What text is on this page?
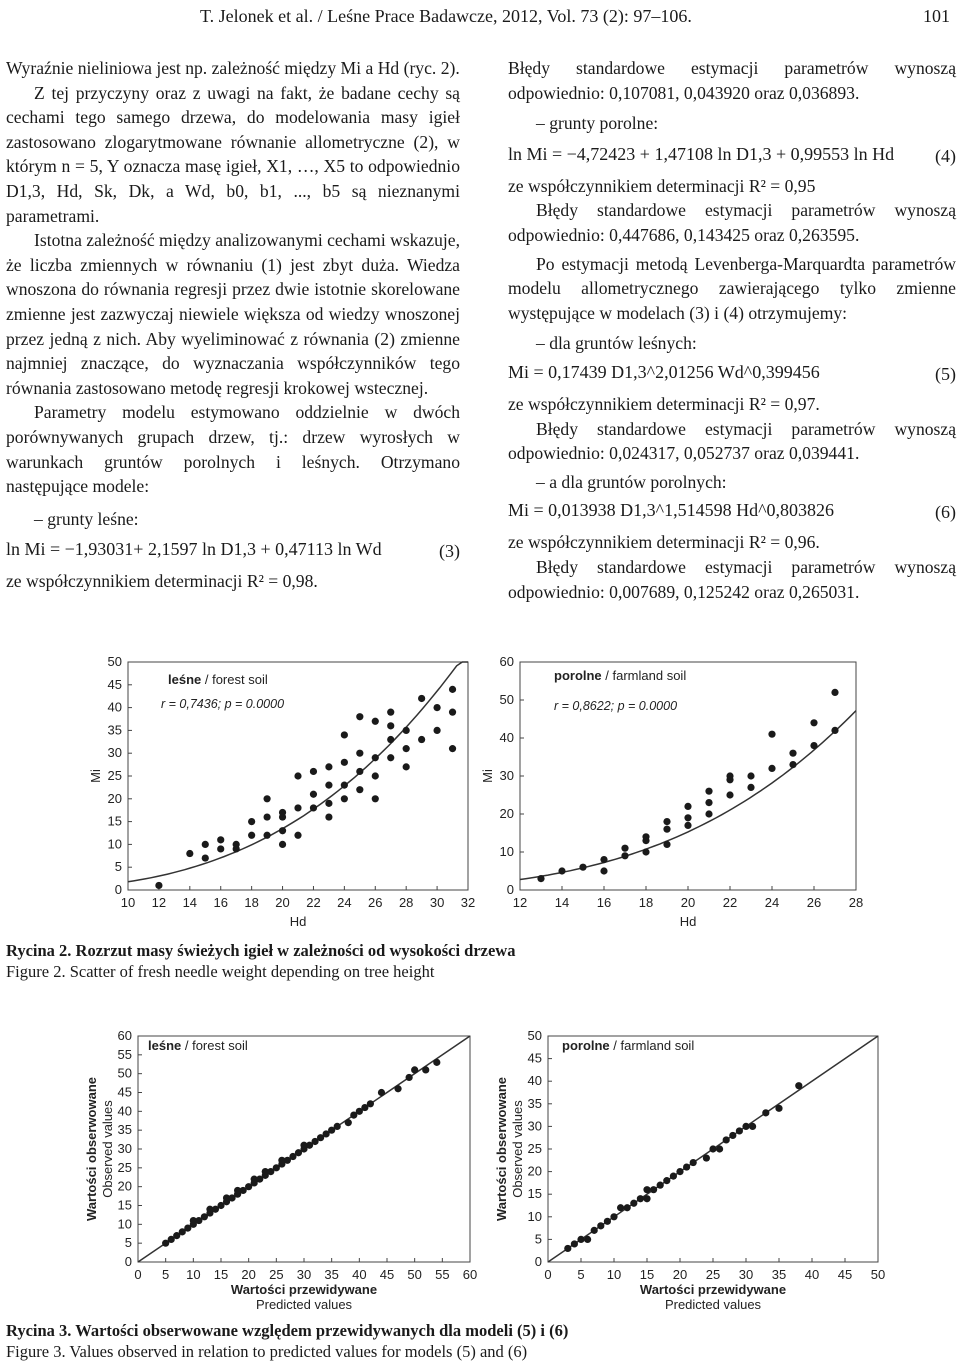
T. Jelonek et al. / Leśne Prace Badawcze, 2012, Vol. 73 (2): 97–106.	101

Wyraźnie nieliniowa jest np. zależność między Mi a Hd (ryc. 2).

Z tej przyczyny oraz z uwagi na fakt, że badane cechy są cechami tego samego drzewa, do modelowania masy igieł zastosowano zlogarytmowane równanie allometryczne (2), w którym n = 5, Y oznacza masę igieł, X1, …, X5 to odpowiednio D1,3, Hd, Sk, Dk, a Wd, b0, b1, ..., b5 są nieznanymi parametrami.

Istotna zależność między analizowanymi cechami wskazuje, że liczba zmiennych w równaniu (1) jest zbyt duża. Wiedza wnoszona do równania regresji przez dwie istotnie skorelowane zmienne jest zazwyczaj niewiele większa od wiedzy wnoszonej przez jedną z nich. Aby wyeliminować z równania (2) zmienne najmniej znaczące, do wyznaczania współczynników tego równania zastosowano metodę regresji krokowej wstecznej.

Parametry modelu estymowano oddzielnie w dwóch porównywanych grupach drzew, tj.: drzew wyrosłych w warunkach gruntów porolnych i leśnych. Otrzymano następujące modele:

– grunty leśne:

ln Mi = −1,93031+ 2,1597 ln D1,3 + 0,47113 ln Wd	(3)

ze współczynnikiem determinacji R² = 0,98.

Błędy standardowe estymacji parametrów wynoszą odpowiednio: 0,107081, 0,043920 oraz 0,036893.

– grunty porolne:

ln Mi = −4,72423 + 1,47108 ln D1,3 + 0,99553 ln Hd (4)

ze współczynnikiem determinacji R² = 0,95

Błędy standardowe estymacji parametrów wynoszą odpowiednio: 0,447686, 0,143425 oraz 0,263595.

Po estymacji metodą Levenberga-Marquardta parametrów modelu allometrycznego zawierającego tylko zmienne występujące w modelach (3) i (4) otrzymujemy:

– dla gruntów leśnych:

Mi = 0,17439 D1,3^2,01256 Wd^0,399456	(5)

ze współczynnikiem determinacji R² = 0,97.

Błędy standardowe estymacji parametrów wynoszą odpowiednio: 0,024317, 0,052737 oraz 0,039441.

– a dla gruntów porolnych:

Mi = 0,013938 D1,3^1,514598 Hd^0,803826	(6)

ze współczynnikiem determinacji R² = 0,96.

Błędy standardowe estymacji parametrów wynoszą odpowiednio: 0,007689, 0,125242 oraz 0,265031.

10 12 14 16 18 20 22 24 26 28 30 32
0
5
10
15
20
25
30
35
40
45
50
leśne / forest soil
r = 0,7436; p = 0.0000
Hd
Mi
12 14 16 18 20 22 24 26 28
0
10
20
30
40
50
60
porolne / farmland soil
r = 0,8622; p = 0.0000
Hd
Mi
Rycina 2. Rozrzut masy świeżych igieł w zależności od wysokości drzewa
Figure 2. Scatter of fresh needle weight depending on tree height
0 5 10 15 20 25 30 35 40 45 50 55 60
0
5
10
15
20
25
30
35
40
45
50
55
60
leśne / forest soil
Wartości przewidywane
Predicted values
Wartości obserwowane Observed values
0 5 10 15 20 25 30 35 40 45 50
0
5
10
15
20
25
30
35
40
45
50
porolne / farmland soil
Wartości przewidywane
Predicted values
Wartości obserwowane Observed values
Rycina 3. Wartości obserwowane względem przewidywanych dla modeli (5) i (6)
Figure 3. Values observed in relation to predicted values for models (5) and (6)
